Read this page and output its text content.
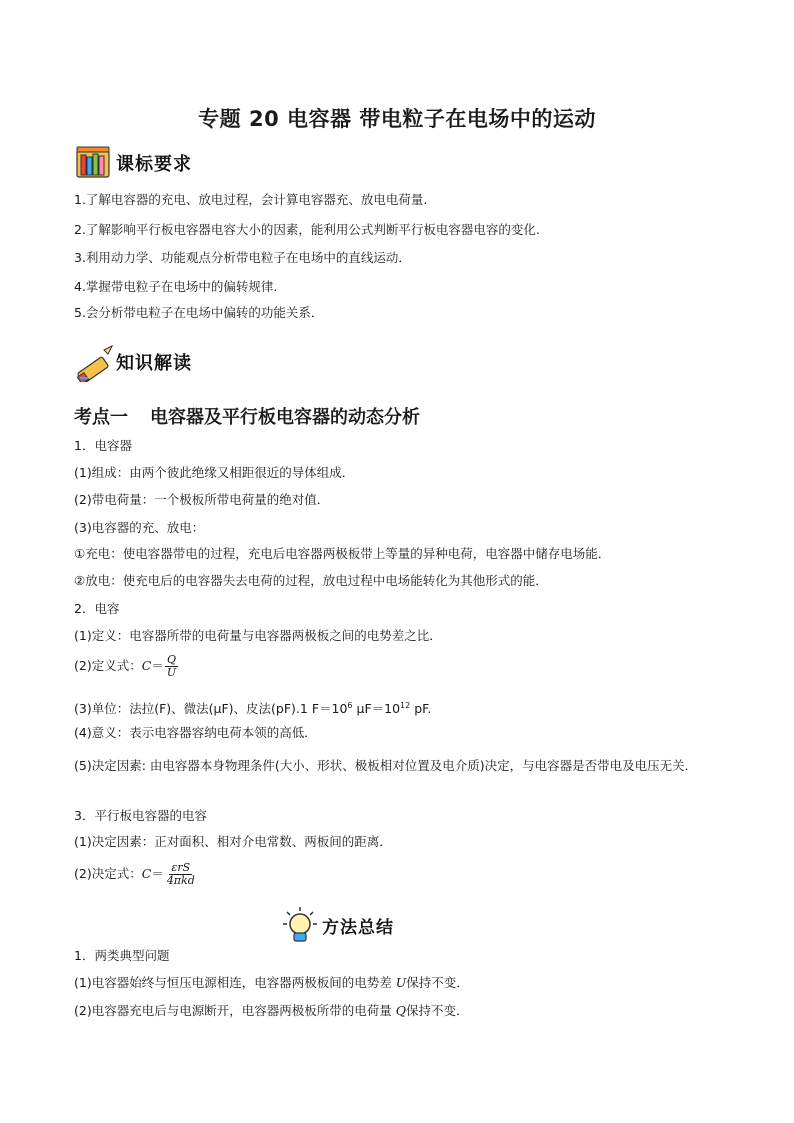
专题 20 电容器 带电粒子在电场中的运动
课标要求
1.了解电容器的充电、放电过程，会计算电容器充、放电电荷量.
2.了解影响平行板电容器电容大小的因素，能利用公式判断平行板电容器电容的变化.
3.利用动力学、功能观点分析带电粒子在电场中的直线运动．
4.掌握带电粒子在电场中的偏转规律.
5.会分析带电粒子在电场中偏转的功能关系．
知识解读
考点一 电容器及平行板电容器的动态分析
1．电容器
(1)组成：由两个彼此绝缘又相距很近的导体组成．
(2)带电荷量：一个极板所带电荷量的绝对值．
(3)电容器的充、放电：
①充电：使电容器带电的过程，充电后电容器两极板带上等量的异种电荷，电容器中储存电场能．
②放电：使充电后的电容器失去电荷的过程，放电过程中电场能转化为其他形式的能．
2．电容
(1)定义：电容器所带的电荷量与电容器两极板之间的电势差之比．
(2)定义式：$C= \frac{Q}{U}$
(3)单位：法拉(F)、微法(μF)、皮法(pF).1 $F=10^6$ $\mu F=10^{12}$ pF.
(4)意义：表示电容器容纳电荷本领的高低．
(5)决定因素: 由电容器本身物理条件(大小、形状、极板相对位置及电介质)决定，与电容器是否带电及电压无关．
3．平行板电容器的电容
(1)决定因素：正对面积、相对介电常数、两板间的距离．
(2)决定式：$C= \frac{\text{εrS}}{\text{4πkd}}$
方法总结
1．两类典型问题
(1)电容器始终与恒压电源相连，电容器两极板间的电势差 U保持不变．
(2)电容器充电后与电源断开，电容器两极板所带的电荷量 Q保持不变．
